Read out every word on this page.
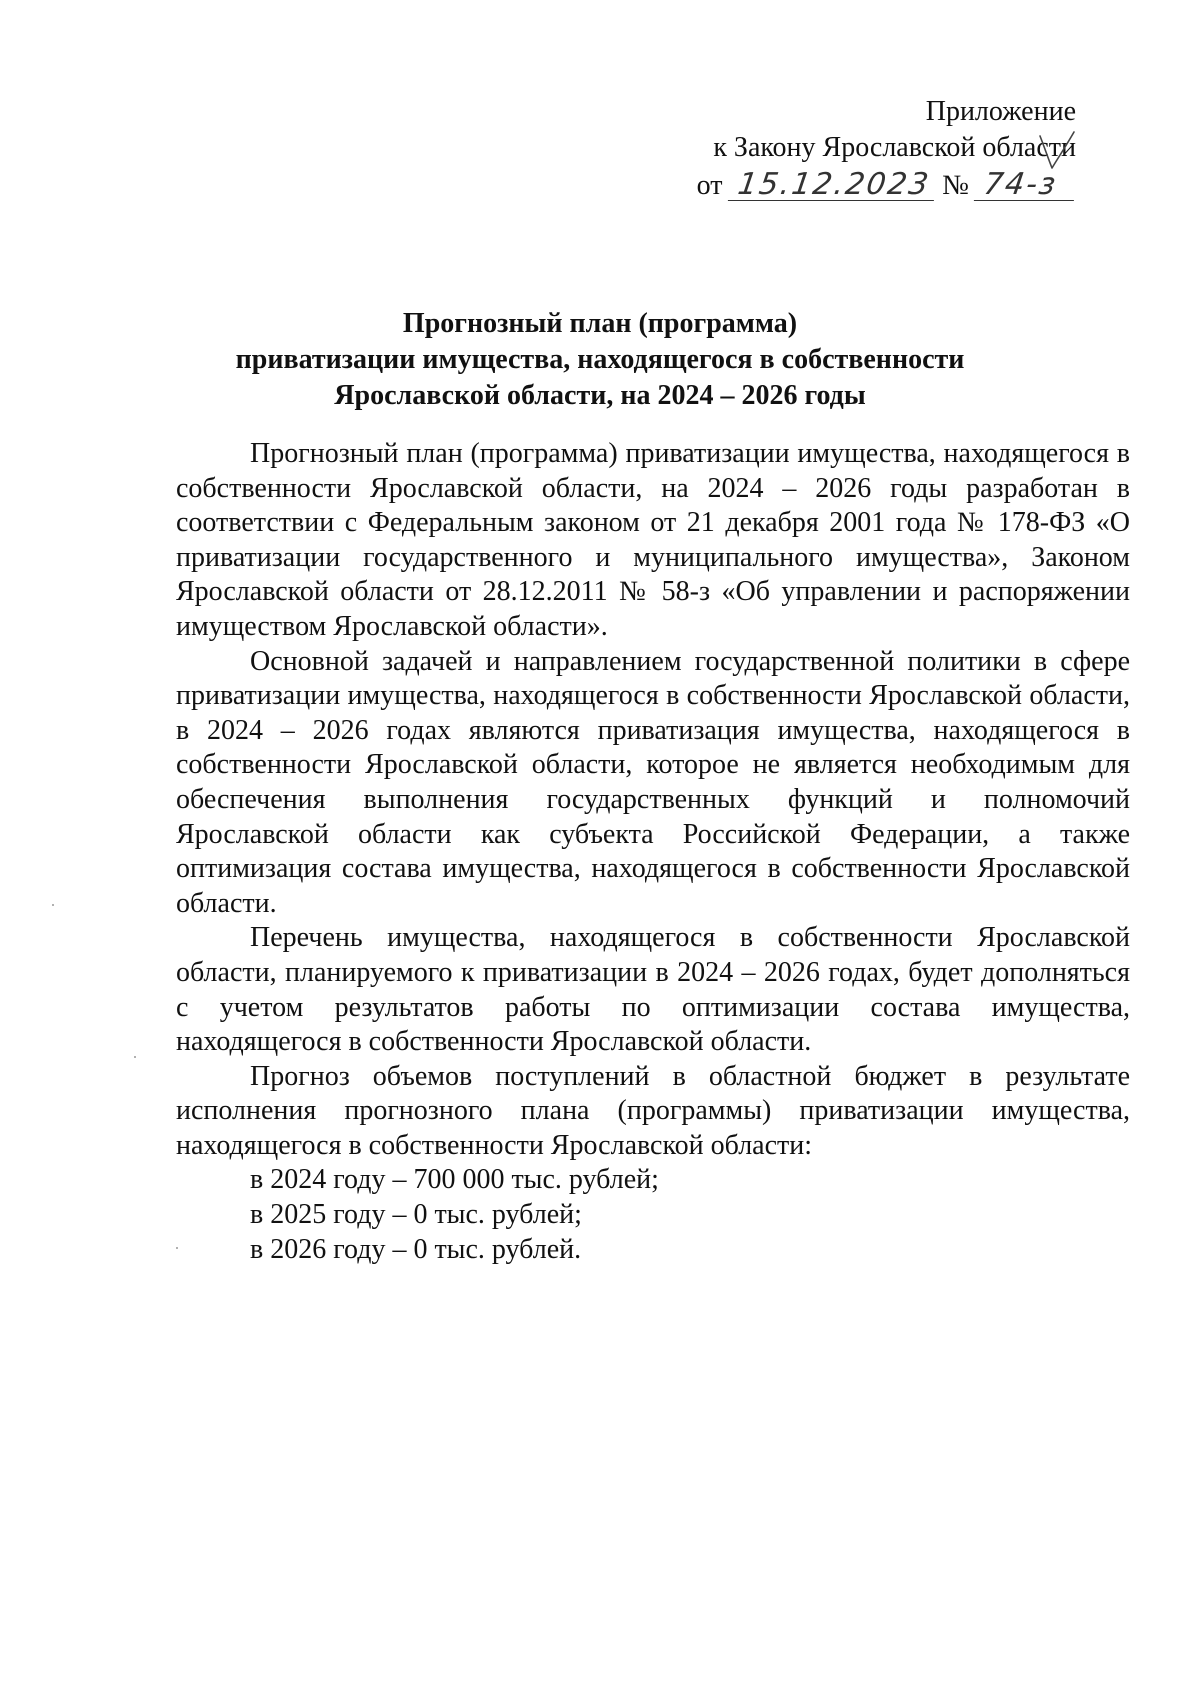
Приложение
к Закону Ярославской области
от 15.12.2023 № 74-з
Прогнозный план (программа)
приватизации имущества, находящегося в собственности
Ярославской области, на 2024 – 2026 годы

Прогнозный план (программа) приватизации имущества, находящегося в собственности Ярославской области, на 2024 – 2026 годы разработан в соответствии с Федеральным законом от 21 декабря 2001 года № 178-ФЗ «О приватизации государственного и муниципального имущества», Законом Ярославской области от 28.12.2011 № 58-з «Об управлении и распоряжении имуществом Ярославской области».

Основной задачей и направлением государственной политики в сфере приватизации имущества, находящегося в собственности Ярославской области, в 2024 – 2026 годах являются приватизация имущества, находящегося в собственности Ярославской области, которое не является необходимым для обеспечения выполнения государственных функций и полномочий Ярославской области как субъекта Российской Федерации, а также оптимизация состава имущества, находящегося в собственности Ярославской области.

Перечень имущества, находящегося в собственности Ярославской области, планируемого к приватизации в 2024 – 2026 годах, будет дополняться с учетом результатов работы по оптимизации состава имущества, находящегося в собственности Ярославской области.

Прогноз объемов поступлений в областной бюджет в результате исполнения прогнозного плана (программы) приватизации имущества, находящегося в собственности Ярославской области:

в 2024 году – 700 000 тыс. рублей;

в 2025 году – 0 тыс. рублей;

в 2026 году – 0 тыс. рублей.
